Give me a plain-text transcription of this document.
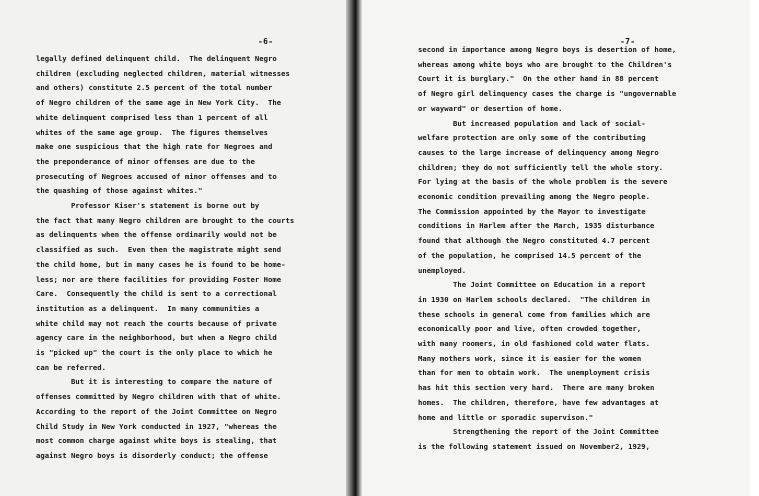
-6-
legally defined delinquent child.  The delinquent Negro
children (excluding neglected children, material witnesses
and others) constitute 2.5 percent of the total number
of Negro children of the same age in New York City.  The
white delinquent comprised less than 1 percent of all
whites of the same age group.  The figures themselves
make one suspicious that the high rate for Negroes and
the preponderance of minor offenses are due to the
prosecuting of Negroes accused of minor offenses and to
the quashing of those against whites."
Professor Kiser's statement is borne out by
the fact that many Negro children are brought to the courts
as delinquents when the offense ordinarily would not be
classified as such.  Even then the magistrate might send
the child home, but in many cases he is found to be home-
less; nor are there facilities for providing Foster Home
Care.  Consequently the child is sent to a correctional
institution as a delinquent.  In many communities a
white child may not reach the courts because of private
agency care in the neighborhood, but when a Negro child
is "picked up" the court is the only place to which he
can be referred.
But it is interesting to compare the nature of
offenses committed by Negro children with that of white.
According to the report of the Joint Committee on Negro
Child Study in New York conducted in 1927, "whereas the
most common charge against white boys is stealing, that
against Negro boys is disorderly conduct; the offense
-7-
second in importance among Negro boys is desertion of home,
whereas among white boys who are brought to the Children's
Court it is burglary."  On the other hand in 88 percent
of Negro girl delinquency cases the charge is "ungovernable
or wayward" or desertion of home.
But increased population and lack of social-
welfare protection are only some of the contributing
causes to the large increase of delinquency among Negro
children; they do not sufficiently tell the whole story.
For lying at the basis of the whole problem is the severe
economic condition prevailing among the Negro people.
The Commission appointed by the Mayor to investigate
conditions in Harlem after the March, 1935 disturbance
found that although the Negro constituted 4.7 percent
of the population, he comprised 14.5 percent of the
unemployed.
The Joint Committee on Education in a report
in 1930 on Harlem schools declared.  "The children in
these schools in general come from families which are
economically poor and live, often crowded together,
with many roomers, in old fashioned cold water flats.
Many mothers work, since it is easier for the women
than for men to obtain work.  The unemployment crisis
has hit this section very hard.  There are many broken
homes.  The children, therefore, have few advantages at
home and little or sporadic supervison."
Strengthening the report of the Joint Committee
is the following statement issued on November2, 1929,
